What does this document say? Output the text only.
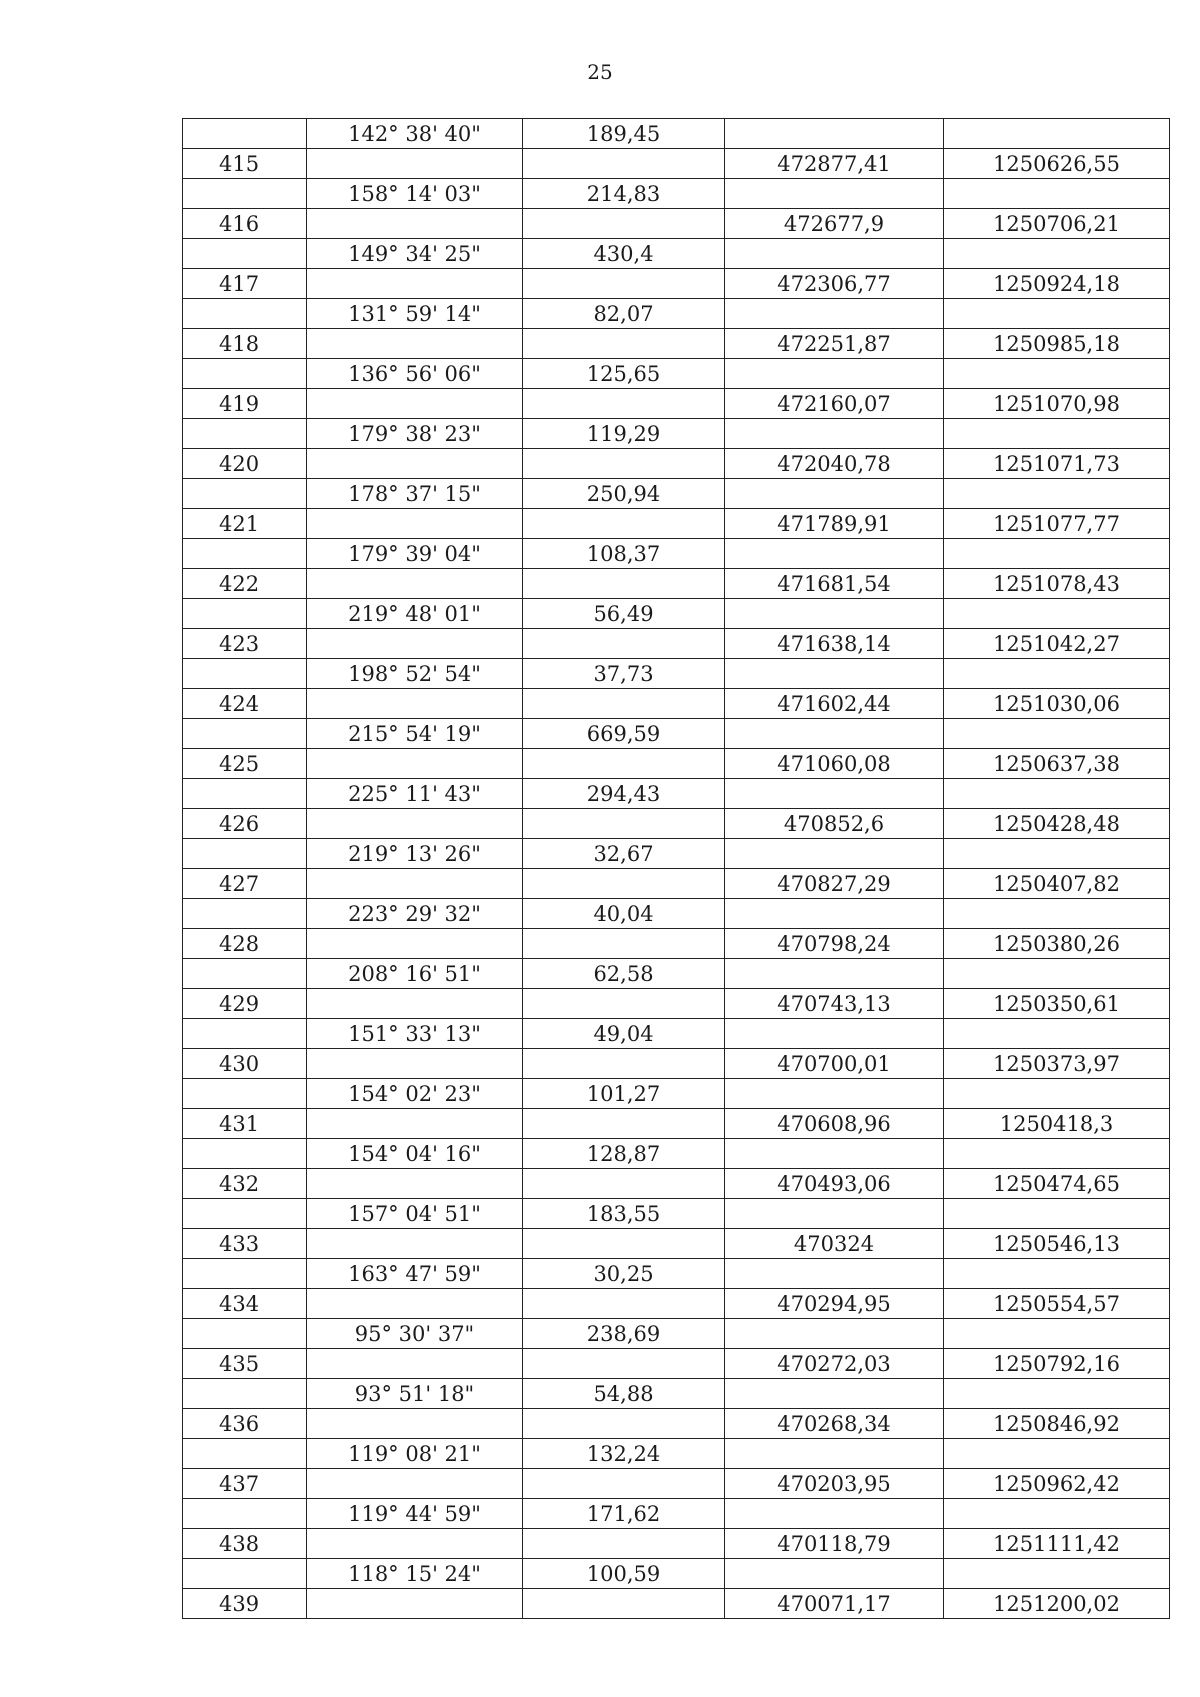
25
	142° 38' 40"	189,45		
415			472877,41	1250626,55
	158° 14' 03"	214,83		
416			472677,9	1250706,21
	149° 34' 25"	430,4		
417			472306,77	1250924,18
	131° 59' 14"	82,07		
418			472251,87	1250985,18
	136° 56' 06"	125,65		
419			472160,07	1251070,98
	179° 38' 23"	119,29		
420			472040,78	1251071,73
	178° 37' 15"	250,94		
421			471789,91	1251077,77
	179° 39' 04"	108,37		
422			471681,54	1251078,43
	219° 48' 01"	56,49		
423			471638,14	1251042,27
	198° 52' 54"	37,73		
424			471602,44	1251030,06
	215° 54' 19"	669,59		
425			471060,08	1250637,38
	225° 11' 43"	294,43		
426			470852,6	1250428,48
	219° 13' 26"	32,67		
427			470827,29	1250407,82
	223° 29' 32"	40,04		
428			470798,24	1250380,26
	208° 16' 51"	62,58		
429			470743,13	1250350,61
	151° 33' 13"	49,04		
430			470700,01	1250373,97
	154° 02' 23"	101,27		
431			470608,96	1250418,3
	154° 04' 16"	128,87		
432			470493,06	1250474,65
	157° 04' 51"	183,55		
433			470324	1250546,13
	163° 47' 59"	30,25		
434			470294,95	1250554,57
	95° 30' 37"	238,69		
435			470272,03	1250792,16
	93° 51' 18"	54,88		
436			470268,34	1250846,92
	119° 08' 21"	132,24		
437			470203,95	1250962,42
	119° 44' 59"	171,62		
438			470118,79	1251111,42
	118° 15' 24"	100,59		
439			470071,17	1251200,02
